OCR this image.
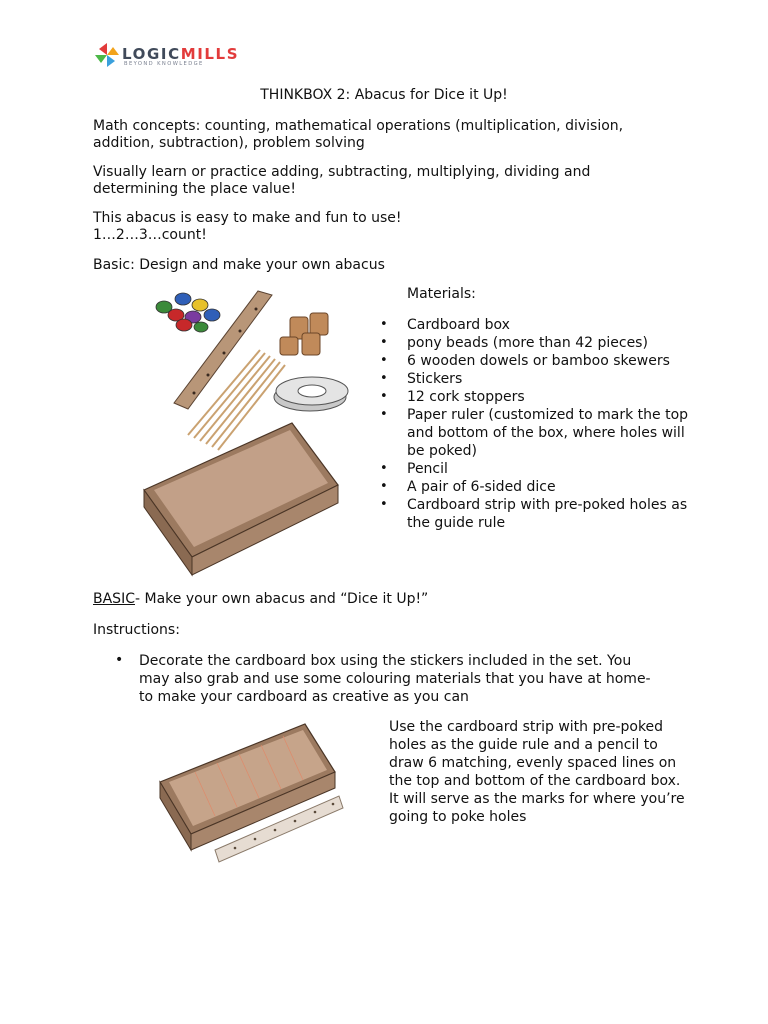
LOGICMILLS
BEYOND KNOWLEDGE
THINKBOX 2: Abacus for Dice it Up!
Math concepts: counting, mathematical operations (multiplication, division, addition, subtraction), problem solving
Visually learn or practice adding, subtracting, multiplying, dividing and determining the place value!
This abacus is easy to make and fun to use!
1…2…3…count!
Basic: Design and make your own abacus
Materials:
• Cardboard box
• pony beads (more than 42 pieces)
• 6 wooden dowels or bamboo skewers
• Stickers
• 12 cork stoppers
• Paper ruler (customized to mark the top and bottom of the box, where holes will be poked)
• Pencil
• A pair of 6-sided dice
• Cardboard strip with pre-poked holes as the guide rule
BASIC- Make your own abacus and “Dice it Up!”
Instructions:
• Decorate the cardboard box using the stickers included in the set. You may also grab and use some colouring materials that you have at home- to make your cardboard as creative as you can
Use the cardboard strip with pre-poked holes as the guide rule and a pencil to draw 6 matching, evenly spaced lines on the top and bottom of the cardboard box. It will serve as the marks for where you’re going to poke holes
